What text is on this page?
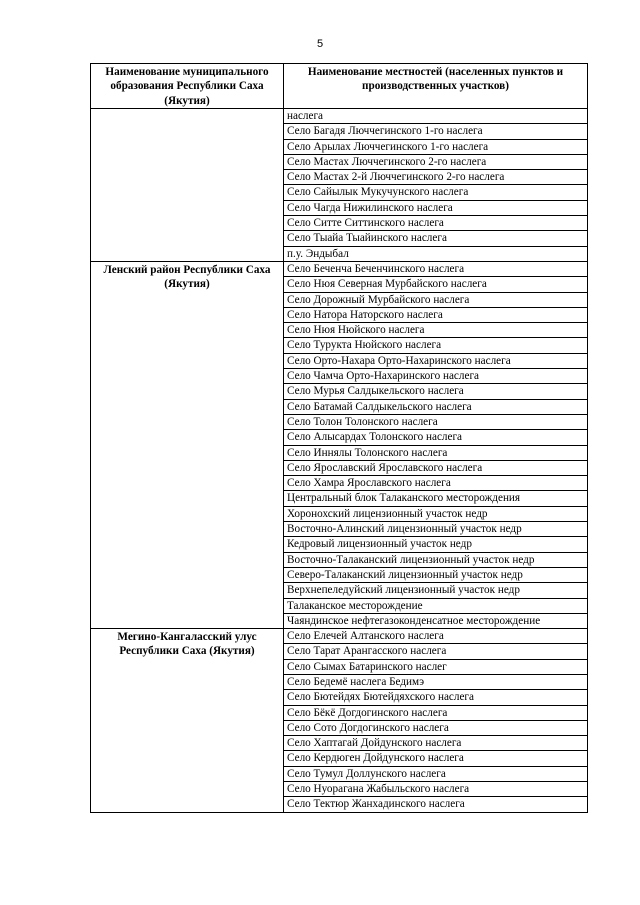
5
Наименование муниципального образования Республики Саха (Якутия)	Наименование местностей (населенных пунктов и производственных участков)
	наслега
	Село Багадя Люччегинского 1-го наслега
	Село Арылах Люччегинского 1-го наслега
	Село Мастах Люччегинского 2-го наслега
	Село Мастах 2-й Люччегинского 2-го наслега
	Село Сайылык Мукучунского наслега
	Село Чагда Нижилинского наслега
	Село Ситте Ситтинского наслега
	Село Тыайа Тыайинского наслега
	п.у. Эндыбал
Ленский район Республики Саха (Якутия)	Село Беченча Беченчинского наслега
	Село Нюя Северная Мурбайского наслега
	Село Дорожный Мурбайского наслега
	Село Натора Наторского наслега
	Село Нюя Нюйского наслега
	Село Турукта Нюйского наслега
	Село Орто-Нахара Орто-Нахаринского наслега
	Село Чамча Орто-Нахаринского наслега
	Село Мурья Салдыкельского наслега
	Село Батамай Салдыкельского наслега
	Село Толон Толонского наслега
	Село Алысардах Толонского наслега
	Село Иннялы Толонского наслега
	Село Ярославский Ярославского наслега
	Село Хамра Ярославского наслега
	Центральный блок Талаканского месторождения
	Хоронохский лицензионный участок недр
	Восточно-Алинский лицензионный участок недр
	Кедровый лицензионный участок недр
	Восточно-Талаканский лицензионный участок недр
	Северо-Талаканский лицензионный участок недр
	Верхнепеледуйский лицензионный участок недр
	Талаканское месторождение
	Чаяндинское нефтегазоконденсатное месторождение
Мегино-Кангаласский улус Республики Саха (Якутия)	Село Елечей Алтанского наслега
	Село Тарат Арангасского наслега
	Село Сымах Батаринского наслег
	Село Бедемё наслега Бедимэ
	Село Бютейдях Бютейдяхского наслега
	Село Бёкё Догдогинского наслега
	Село Сото Догдогинского наслега
	Село Хаптагай Дойдунского наслега
	Село Кердюген Дойдунского наслега
	Село Тумул Доллунского наслега
	Село Нуорагана Жабыльского наслега
	Село Тектюр Жанхадинского наслега
